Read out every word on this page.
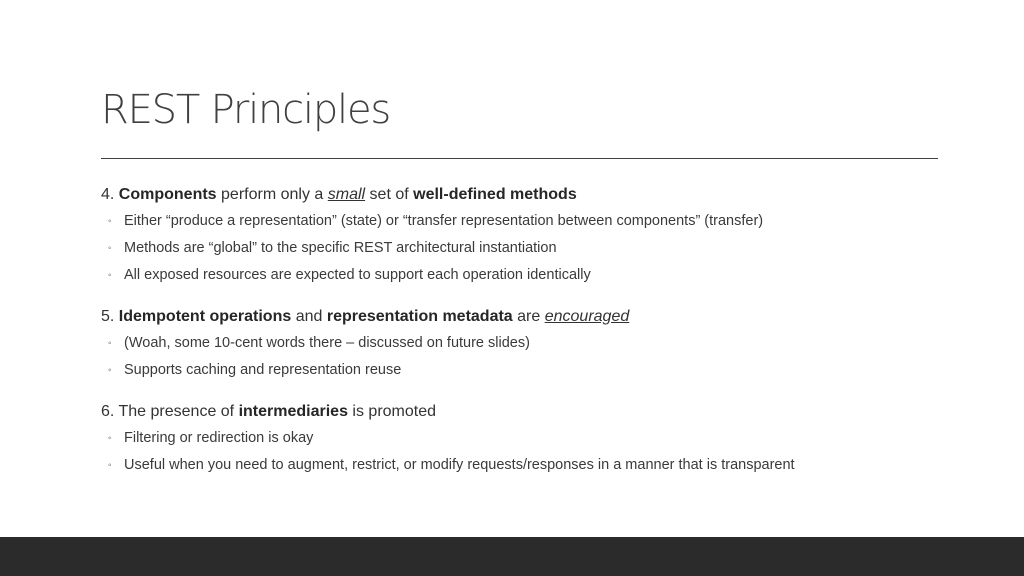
REST Principles
4. Components perform only a small set of well-defined methods
◦ Either “produce a representation” (state) or “transfer representation between components” (transfer)
◦ Methods are “global” to the specific REST architectural instantiation
◦ All exposed resources are expected to support each operation identically
5. Idempotent operations and representation metadata are encouraged
◦ (Woah, some 10-cent words there – discussed on future slides)
◦ Supports caching and representation reuse
6. The presence of intermediaries is promoted
◦ Filtering or redirection is okay
◦ Useful when you need to augment, restrict, or modify requests/responses in a manner that is transparent
